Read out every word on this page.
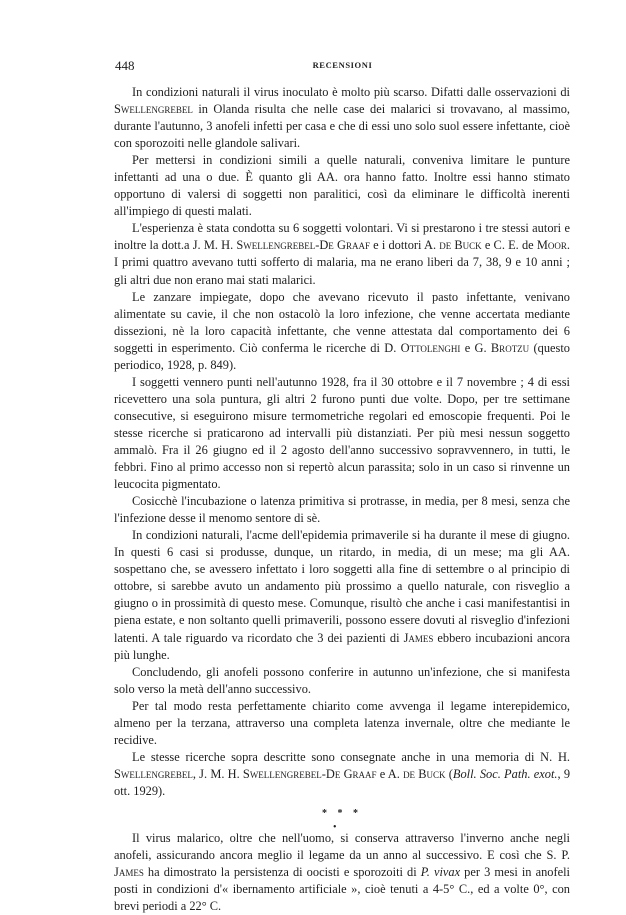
448	RECENSIONI

In condizioni naturali il virus inoculato è molto più scarso. Difatti dalle osservazioni di Swellengrebel in Olanda risulta che nelle case dei malarici si trovavano, al massimo, durante l'autunno, 3 anofeli infetti per casa e che di essi uno solo suol essere infettante, cioè con sporozoiti nelle glandole salivari.

Per mettersi in condizioni simili a quelle naturali, conveniva limitare le punture infettanti ad una o due. È quanto gli AA. ora hanno fatto. Inoltre essi hanno stimato opportuno di valersi di soggetti non paralitici, così da eliminare le difficoltà inerenti all'impiego di questi malati.

L'esperienza è stata condotta su 6 soggetti volontari. Vi si prestarono i tre stessi autori e inoltre la dott.a J. M. H. Swellengrebel-De Graaf e i dottori A. de Buck e C. E. de Moor. I primi quattro avevano tutti sofferto di malaria, ma ne erano liberi da 7, 38, 9 e 10 anni ; gli altri due non erano mai stati malarici.

Le zanzare impiegate, dopo che avevano ricevuto il pasto infettante, venivano alimentate su cavie, il che non ostacolò la loro infezione, che venne accertata mediante dissezioni, nè la loro capacità infettante, che venne attestata dal comportamento dei 6 soggetti in esperimento. Ciò conferma le ricerche di D. Ottolenghi e G. Brotzu (questo periodico, 1928, p. 849).

I soggetti vennero punti nell'autunno 1928, fra il 30 ottobre e il 7 novembre ; 4 di essi ricevettero una sola puntura, gli altri 2 furono punti due volte. Dopo, per tre settimane consecutive, si eseguirono misure termometriche regolari ed emoscopie frequenti. Poi le stesse ricerche si praticarono ad intervalli più distanziati. Per più mesi nessun soggetto ammalò. Fra il 26 giugno ed il 2 agosto dell'anno successivo sopravvennero, in tutti, le febbri. Fino al primo accesso non si repertò alcun parassita; solo in un caso si rinvenne un leucocita pigmentato.

Cosicchè l'incubazione o latenza primitiva si protrasse, in media, per 8 mesi, senza che l'infezione desse il menomo sentore di sè.

In condizioni naturali, l'acme dell'epidemia primaverile si ha durante il mese di giugno. In questi 6 casi si produsse, dunque, un ritardo, in media, di un mese; ma gli AA. sospettano che, se avessero infettato i loro soggetti alla fine di settembre o al principio di ottobre, si sarebbe avuto un andamento più prossimo a quello naturale, con risveglio a giugno o in prossimità di questo mese. Comunque, risultò che anche i casi manifestantisi in piena estate, e non soltanto quelli primaverili, possono essere dovuti al risveglio d'infezioni latenti. A tale riguardo va ricordato che 3 dei pazienti di James ebbero incubazioni ancora più lunghe.

Concludendo, gli anofeli possono conferire in autunno un'infezione, che si manifesta solo verso la metà dell'anno successivo.

Per tal modo resta perfettamente chiarito come avvenga il legame interepidemico, almeno per la terzana, attraverso una completa latenza invernale, oltre che mediante le recidive.

Le stesse ricerche sopra descritte sono consegnate anche in una memoria di N. H. Swellengrebel, J. M. H. Swellengrebel-De Graaf e A. de Buck (Boll. Soc. Path. exot., 9 ott. 1929).

* * *

Il virus malarico, oltre che nell'uomo, si conserva attraverso l'inverno anche negli anofeli, assicurando ancora meglio il legame da un anno al successivo. E così che S. P. James ha dimostrato la persistenza di oocisti e sporozoiti di P. vivax per 3 mesi in anofeli posti in condizioni d'« ibernamento artificiale », cioè tenuti a 4-5° C., ed a volte 0°, con brevi periodi a 22° C.

•
